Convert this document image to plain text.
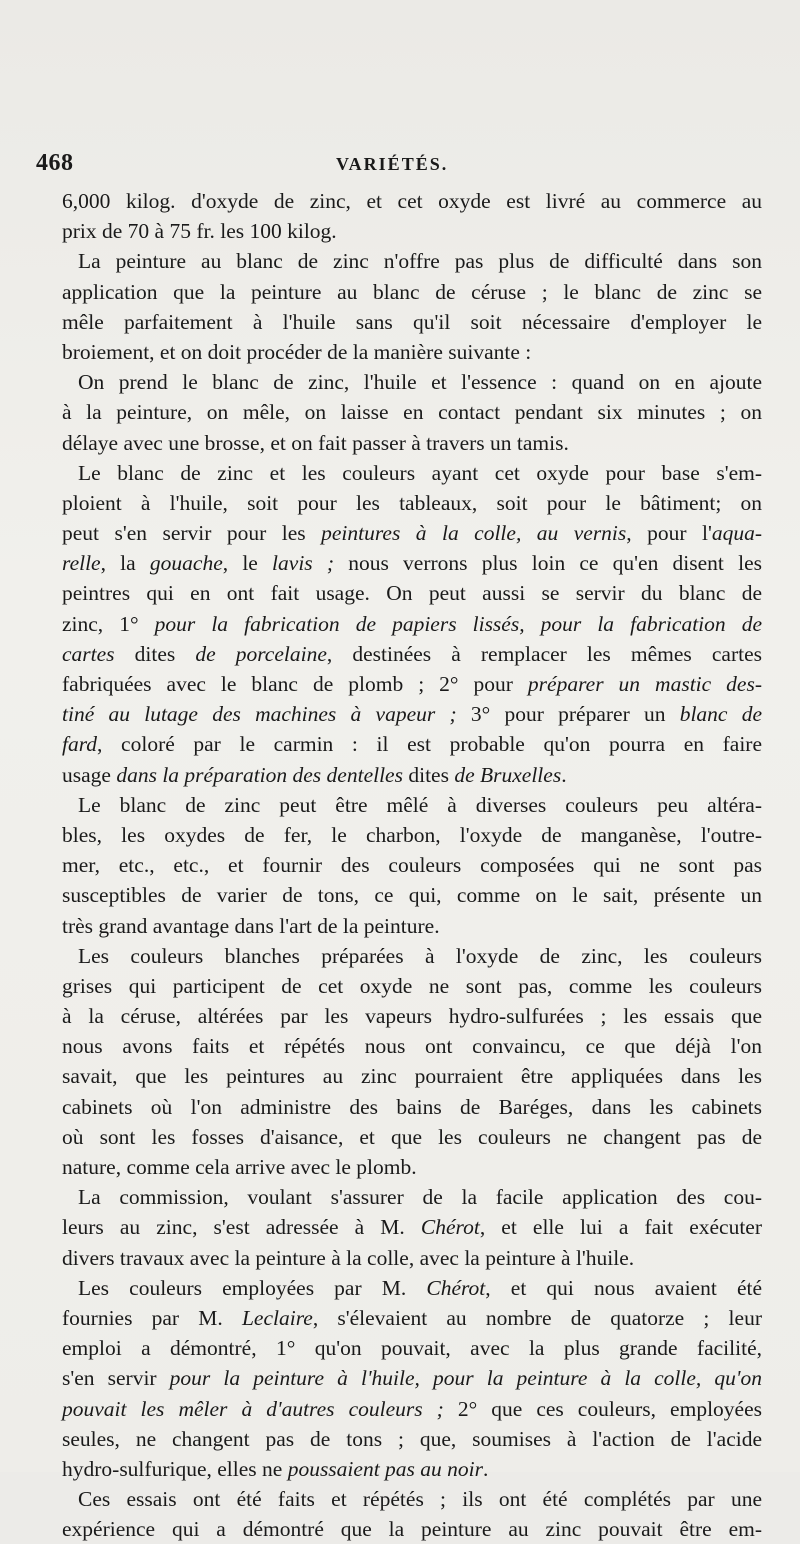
468	VARIÉTÉS.
6,000 kilog. d'oxyde de zinc, et cet oxyde est livré au commerce au
prix de 70 à 75 fr. les 100 kilog.
La peinture au blanc de zinc n'offre pas plus de difficulté dans son
application que la peinture au blanc de céruse ; le blanc de zinc se
mêle parfaitement à l'huile sans qu'il soit nécessaire d'employer le
broiement, et on doit procéder de la manière suivante :
On prend le blanc de zinc, l'huile et l'essence : quand on en ajoute
à la peinture, on mêle, on laisse en contact pendant six minutes ; on
délaye avec une brosse, et on fait passer à travers un tamis.
Le blanc de zinc et les couleurs ayant cet oxyde pour base s'em-
ploient à l'huile, soit pour les tableaux, soit pour le bâtiment; on
peut s'en servir pour les peintures à la colle, au vernis, pour l'aqua-
relle, la gouache, le lavis ; nous verrons plus loin ce qu'en disent les
peintres qui en ont fait usage. On peut aussi se servir du blanc de
zinc, 1° pour la fabrication de papiers lissés, pour la fabrication de
cartes dites de porcelaine, destinées à remplacer les mêmes cartes
fabriquées avec le blanc de plomb ; 2° pour préparer un mastic des-
tiné au lutage des machines à vapeur ; 3° pour préparer un blanc de
fard, coloré par le carmin : il est probable qu'on pourra en faire
usage dans la préparation des dentelles dites de Bruxelles.
Le blanc de zinc peut être mêlé à diverses couleurs peu altéra-
bles, les oxydes de fer, le charbon, l'oxyde de manganèse, l'outre-
mer, etc., etc., et fournir des couleurs composées qui ne sont pas
susceptibles de varier de tons, ce qui, comme on le sait, présente un
très grand avantage dans l'art de la peinture.
Les couleurs blanches préparées à l'oxyde de zinc, les couleurs
grises qui participent de cet oxyde ne sont pas, comme les couleurs
à la céruse, altérées par les vapeurs hydro-sulfurées ; les essais que
nous avons faits et répétés nous ont convaincu, ce que déjà l'on
savait, que les peintures au zinc pourraient être appliquées dans les
cabinets où l'on administre des bains de Baréges, dans les cabinets
où sont les fosses d'aisance, et que les couleurs ne changent pas de
nature, comme cela arrive avec le plomb.
La commission, voulant s'assurer de la facile application des cou-
leurs au zinc, s'est adressée à M. Chérot, et elle lui a fait exécuter
divers travaux avec la peinture à la colle, avec la peinture à l'huile.
Les couleurs employées par M. Chérot, et qui nous avaient été
fournies par M. Leclaire, s'élevaient au nombre de quatorze ; leur
emploi a démontré, 1° qu'on pouvait, avec la plus grande facilité,
s'en servir pour la peinture à l'huile, pour la peinture à la colle, qu'on
pouvait les mêler à d'autres couleurs ; 2° que ces couleurs, employées
seules, ne changent pas de tons ; que, soumises à l'action de l'acide
hydro-sulfurique, elles ne poussaient pas au noir.
Ces essais ont été faits et répétés ; ils ont été complétés par une
expérience qui a démontré que la peinture au zinc pouvait être em-
